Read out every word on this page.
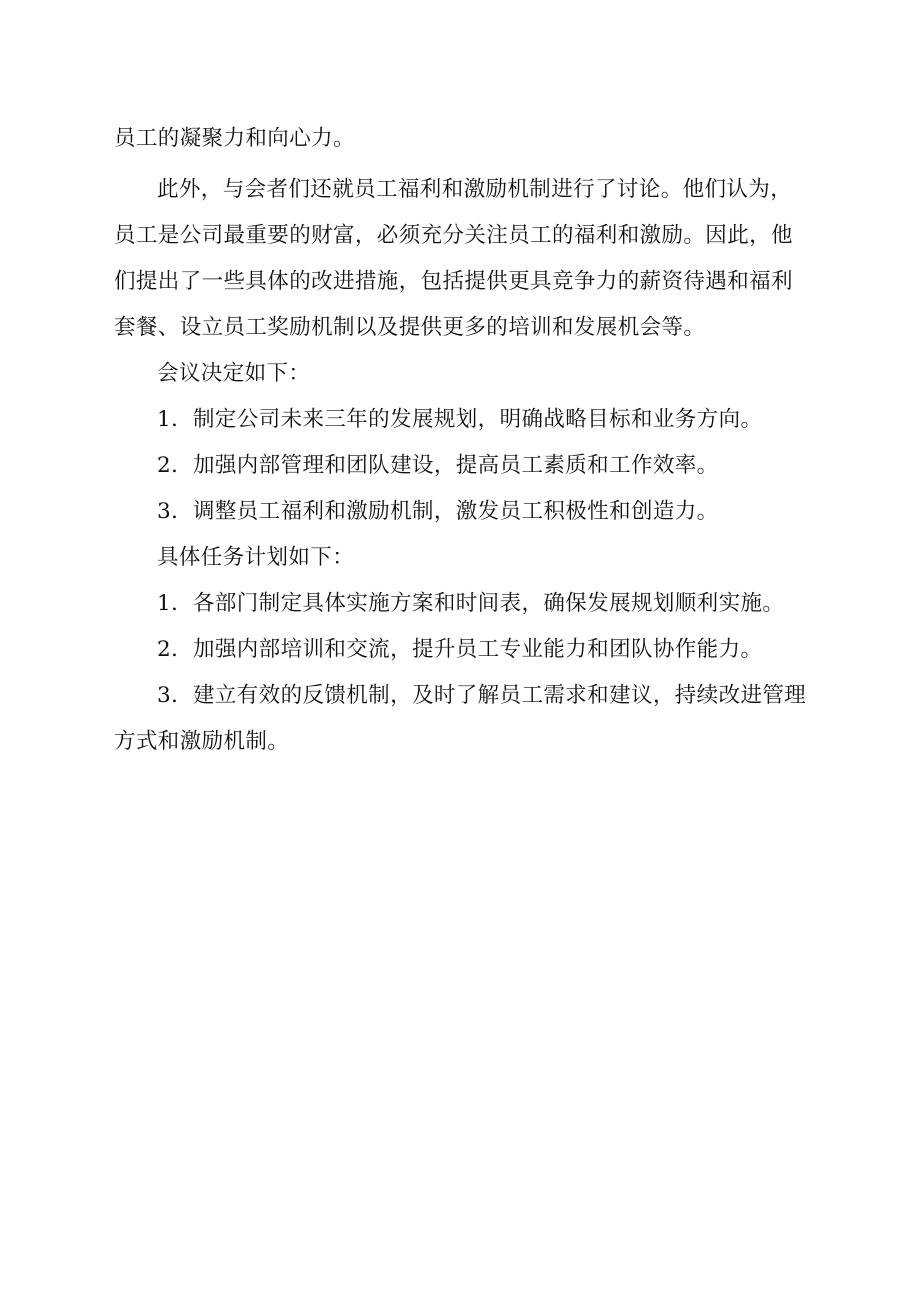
员工的凝聚力和向心力。

此外，与会者们还就员工福利和激励机制进行了讨论。他们认为，员工是公司最重要的财富，必须充分关注员工的福利和激励。因此，他们提出了一些具体的改进措施，包括提供更具竞争力的薪资待遇和福利套餐、设立员工奖励机制以及提供更多的培训和发展机会等。

会议决定如下：

1．制定公司未来三年的发展规划，明确战略目标和业务方向。

2．加强内部管理和团队建设，提高员工素质和工作效率。

3．调整员工福利和激励机制，激发员工积极性和创造力。

具体任务计划如下：

1．各部门制定具体实施方案和时间表，确保发展规划顺利实施。

2．加强内部培训和交流，提升员工专业能力和团队协作能力。

3．建立有效的反馈机制，及时了解员工需求和建议，持续改进管理方式和激励机制。
